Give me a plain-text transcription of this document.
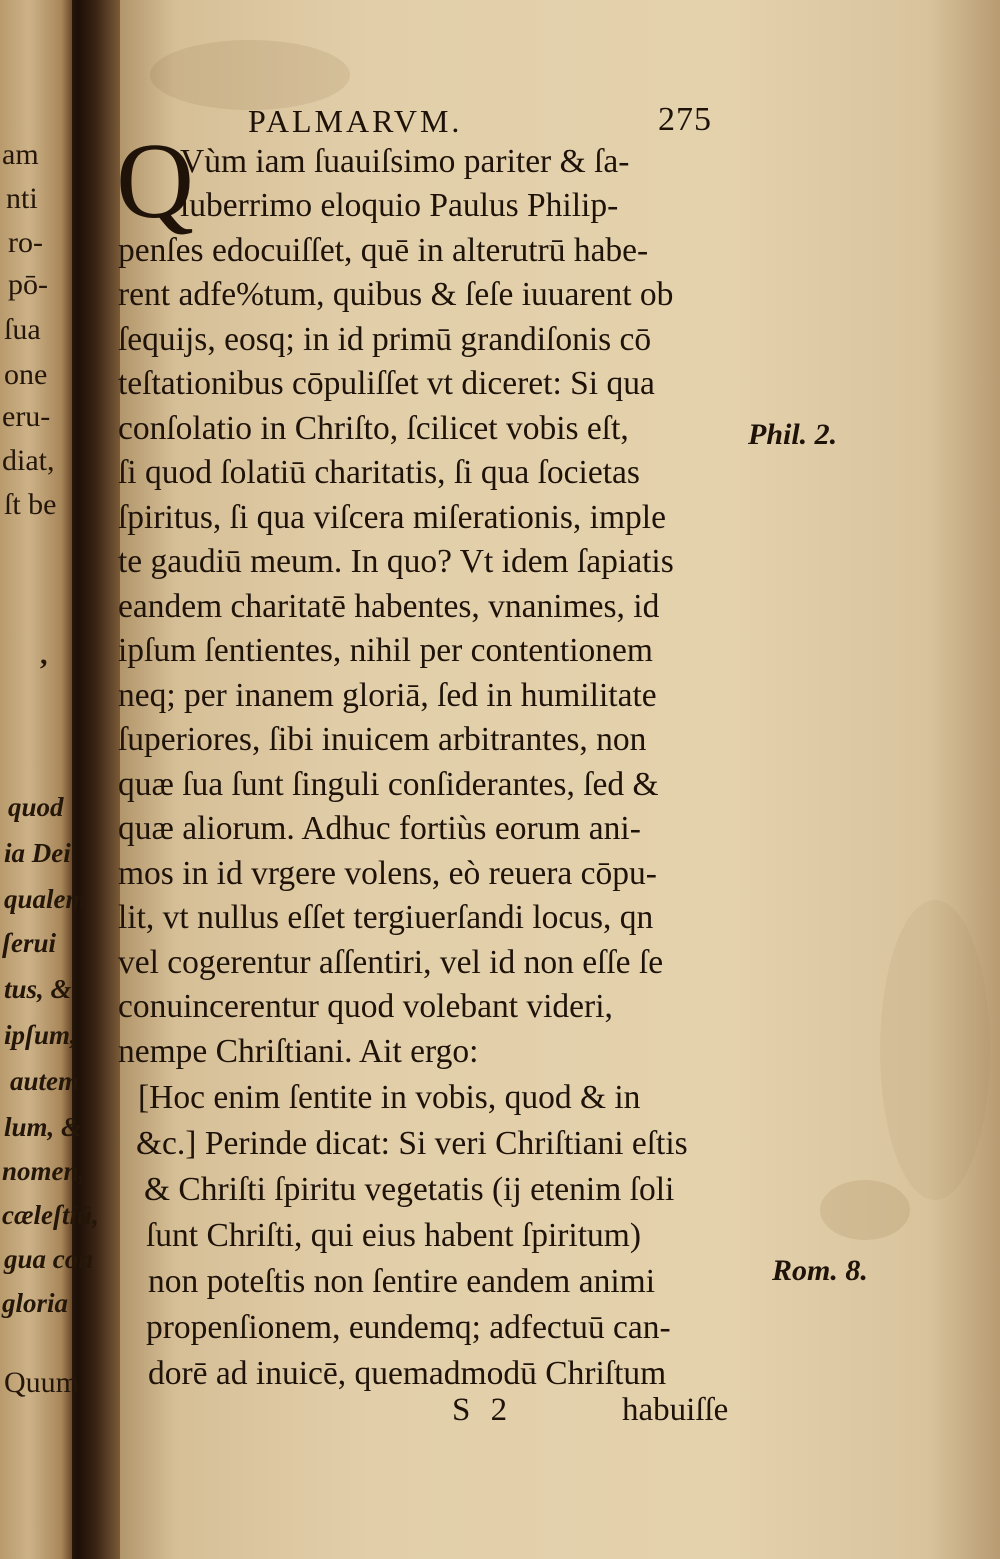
am
nti
ro-
pō-
ſua
one
eru-
diat,
ſt be
,
quod
ia Dei
qualem
ſerui
tus, &
ipſum,
autem
lum, &
nomen,
cæleſtiū,
gua con
gloria
Quum
PALMARVM.	275
Q
Vùm iam ſuauiſsimo pariter & ſa-
luberrimo eloquio Paulus Philip-
penſes edocuiſſet, quē in alterutrū habe-
rent adfe%tum, quibus & ſeſe iuuarent ob
ſequijs, eosq; in id primū grandiſonis cō
teſtationibus cōpuliſſet vt diceret: Si qua
conſolatio in Chriſto, ſcilicet vobis eſt,
ſi quod ſolatiū charitatis, ſi qua ſocietas
ſpiritus, ſi qua viſcera miſerationis, imple
te gaudiū meum. In quo? Vt idem ſapiatis
eandem charitatē habentes, vnanimes, id
ipſum ſentientes, nihil per contentionem
neq; per inanem gloriā, ſed in humilitate
ſuperiores, ſibi inuicem arbitrantes, non
quæ ſua ſunt ſinguli conſiderantes, ſed &
quæ aliorum. Adhuc fortiùs eorum ani-
mos in id vrgere volens, eò reuera cōpu-
lit, vt nullus eſſet tergiuerſandi locus, qn
vel cogerentur aſſentiri, vel id non eſſe ſe
conuincerentur quod volebant videri,
nempe Chriſtiani. Ait ergo:
[Hoc enim ſentite in vobis, quod & in
&c.] Perinde dicat: Si veri Chriſtiani eſtis
& Chriſti ſpiritu vegetatis (ij etenim ſoli
ſunt Chriſti, qui eius habent ſpiritum)
non poteſtis non ſentire eandem animi
propenſionem, eundemq; adfectuū can-
dorē ad inuicē, quemadmodū Chriſtum
Phil. 2.
Rom. 8.
S 2	habuiſſe
